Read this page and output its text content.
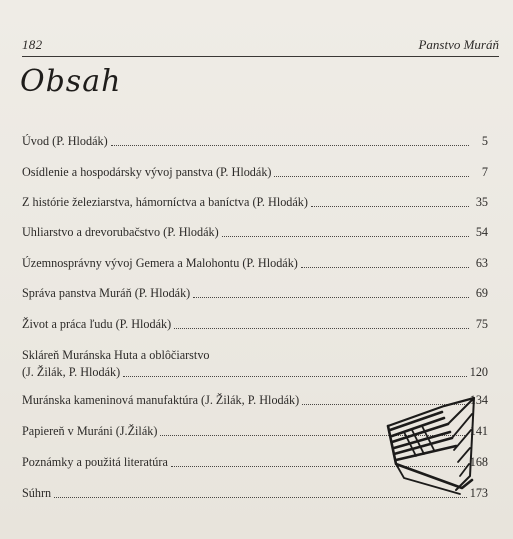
182	Panstvo Muráň
Obsah
Úvod (P. Hlodák)	5
Osídlenie a hospodársky vývoj panstva (P. Hlodák)	7
Z histórie železiarstva, hámorníctva a baníctva (P. Hlodák)	35
Uhliarstvo a drevorubačstvo (P. Hlodák)	54
Územnosprávny vývoj Gemera a Malohontu (P. Hlodák)	63
Správa panstva Muráň (P. Hlodák)	69
Život a práca ľudu (P. Hlodák)	75
Skláreň Muránska Huta a oblôčiarstvo
(J. Žilák, P. Hlodák)	120
Muránska kameninová manufaktúra (J. Žilák, P. Hlodák)	134
Papiereň v Muráni (J.Žilák)	141
Poznámky a použitá literatúra	168
Súhrn	173
